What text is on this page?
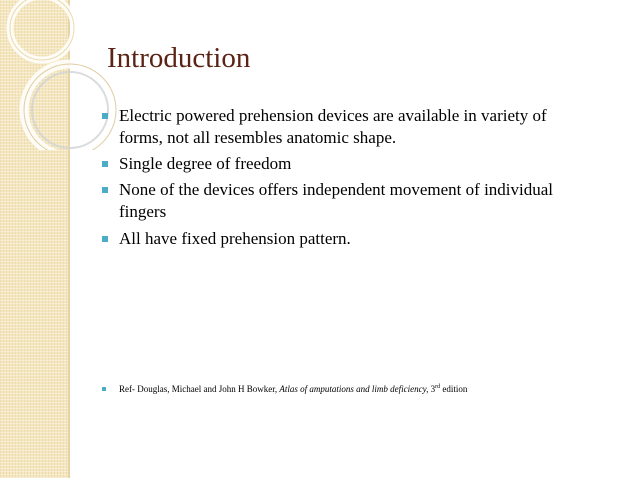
Introduction
Electric powered prehension devices are available in variety of forms, not all resembles anatomic shape.
Single degree of freedom
None of the devices offers independent movement of individual fingers
All have fixed prehension pattern.
Ref- Douglas, Michael and John H Bowker, Atlas of amputations and limb deficiency, 3rd edition
